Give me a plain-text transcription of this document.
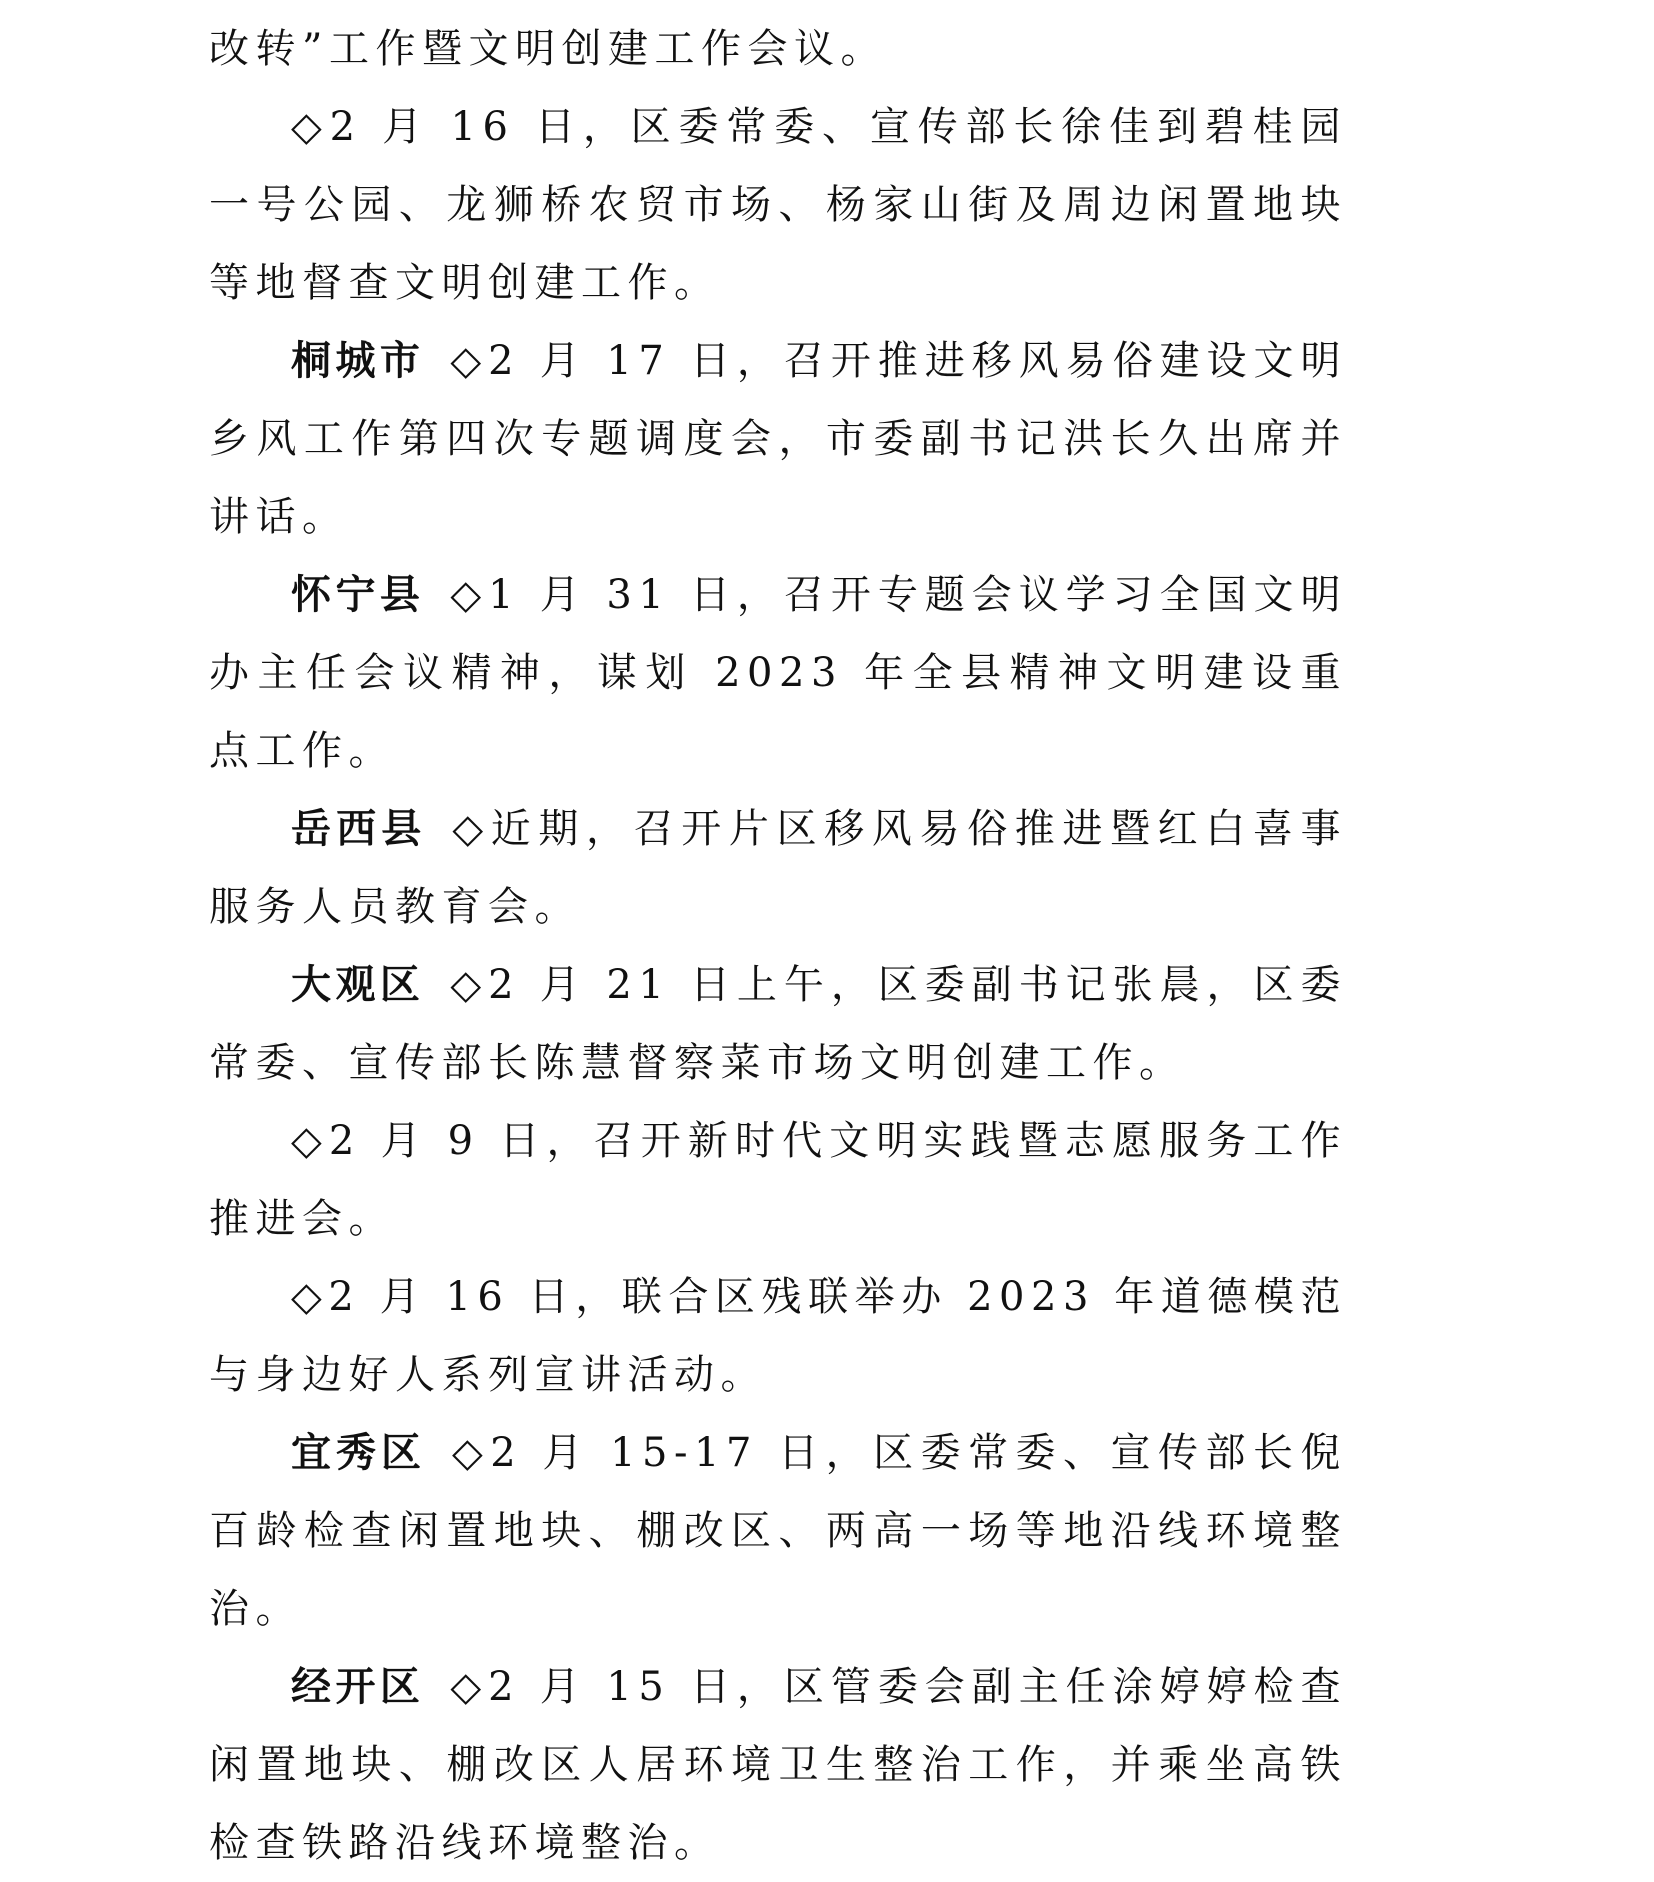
改转”工作暨文明创建工作会议。

◇2 月 16 日，区委常委、宣传部长徐佳到碧桂园一号公园、龙狮桥农贸市场、杨家山街及周边闲置地块等地督查文明创建工作。

桐城市 ◇2 月 17 日，召开推进移风易俗建设文明乡风工作第四次专题调度会，市委副书记洪长久出席并讲话。

怀宁县 ◇1 月 31 日，召开专题会议学习全国文明办主任会议精神，谋划 2023 年全县精神文明建设重点工作。

岳西县 ◇近期，召开片区移风易俗推进暨红白喜事服务人员教育会。

大观区 ◇2 月 21 日上午，区委副书记张晨，区委常委、宣传部长陈慧督察菜市场文明创建工作。

◇2 月 9 日，召开新时代文明实践暨志愿服务工作推进会。

◇2 月 16 日，联合区残联举办 2023 年道德模范与身边好人系列宣讲活动。

宜秀区 ◇2 月 15-17 日，区委常委、宣传部长倪百龄检查闲置地块、棚改区、两高一场等地沿线环境整治。

经开区 ◇2 月 15 日，区管委会副主任涂婷婷检查闲置地块、棚改区人居环境卫生整治工作，并乘坐高铁检查铁路沿线环境整治。
